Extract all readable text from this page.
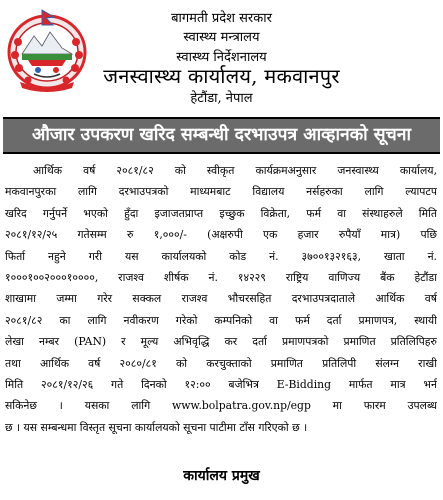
बागमती प्रदेश सरकार
स्वास्थ्य मन्त्रालय
स्वास्थ्य निर्देशनालय
जनस्वास्थ्य कार्यालय, मकवानपुर
हेटौंडा, नेपाल
औजार उपकरण खरिद सम्बन्धी दरभाउपत्र आव्हानको सूचना
आर्थिक वर्ष २०८१/८२ को स्वीकृत कार्यक्रमअनुसार जनस्वास्थ्य कार्यालय,
मकवानपुरका लागि दरभाउपत्रको माध्यमबाट विद्यालय नर्सहरुका लागि ल्यापटप
खरिद गर्नुपर्ने भएको हुँदा इजाजतप्राप्त इच्छुक विक्रेता, फर्म वा संस्थाहरुले मिति
२०८१/१२/२५ गतेसम्म रु १,०००/- (अक्षरुपी एक हजार रुपैयाँ मात्र) पछि
फिर्ता नहुने गरी यस कार्यालयको कोड नं. ३७००१३२१६३, खाता नं.
१०००१००२०००१००००, राजश्व शीर्षक नं. १४२२९ राष्ट्रिय वाणिज्य बैंक हेटौंडा
शाखामा जम्मा गरेर सक्कल राजश्व भौचरसहित दरभाउपत्रदाताले आर्थिक वर्ष
२०८१/८२ का लागि नवीकरण गरेको कम्पनिको वा फर्म दर्ता प्रमाणपत्र, स्थायी
लेखा नम्बर (PAN) र मूल्य अभिवृद्धि कर दर्ता प्रमाणपत्रको प्रमाणित प्रतिलिपिहरु
तथा आर्थिक वर्ष २०८०/८१ को करचुक्ताको प्रमाणित प्रतिलिपी संलग्न राखी
मिति २०८१/१२/२६ गते दिनको १२:०० बजेभित्र E-Bidding मार्फत मात्र भर्न
सकिनेछ । यसका लागि www.bolpatra.gov.np/egp मा फारम उपलब्ध
छ । यस सम्बन्धमा विस्तृत सूचना कार्यालयको सूचना पाटीमा टाँस गरिएको छ ।
कार्यालय प्रमुख
